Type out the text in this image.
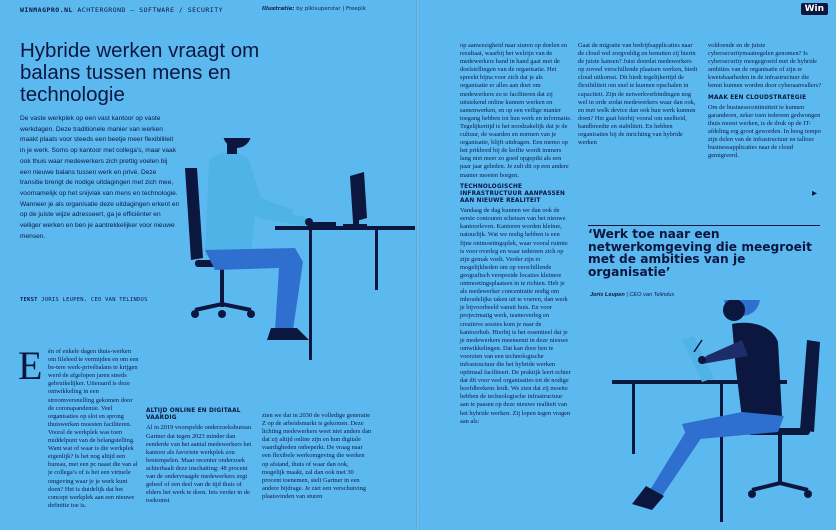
WINMAGPRO.NL ACHTERGROND – SOFTWARE / SECURITY
Hybride werken vraagt om balans tussen mens en technologie
De vaste werkplek op een vast kantoor op vaste werkdagen. Deze traditionele manier van werken maakt plaats voor steeds een beetje meer flexibiliteit in je werk. Soms op kantoor met collega’s, maar vaak ook thuis waar medewerkers zich prettig voelen bij een nieuwe balans tussen werk en privé. Deze transitie brengt de nodige uitdagingen met zich mee, voornamelijk op het snijvlak van mens en technologie. Wanneer je als organisatie deze uitdagingen erkent en op de juiste wijze adresseert, ga je efficiënter en veiliger werken en ben je aantrekkelijker voor nieuwe mensen.
TEKST JORIS LEUPEN, CEO VAN TELINDUS
E én of enkele dagen thuis-werken om fileleed te vermijden en om een be-tere werk-privébalans te krijgen werd de afgelopen jaren steeds gebruikelijker. Uiteraard is deze ontwikkeling in een stroomversnelling gekomen door de coronapandemie. Veel organisaties op slot en sprong thuiswerken moesten faciliteren. Vooral de werkplek was toen middelpunt van de belangstelling. Want wat of waar is die werkplek eigenlijk? Is het nog altijd een bureau, met een pc naast die van al je collega’s of is het een virtuele omgeving waar je je werk kunt doen? Het is duidelijk dat het concept werkplek aan een nieuwe definitie toe is.

ALTIJD ONLINE EN DIGITAAL VAARDIG

Al in 2019 voorspelde onderzoeksbureau Gartner dat tegen 2023 minder dan eenderde van het aantal medewerkers het kantoor als favoriete werkplek zou bestempelen. Maar recenter onderzoek achterhaalt deze inschatting: 48 procent van de ondervraagde medewerkers zegt geheel of een deel van de tijd thuis of elders het werk te doen. Iets verder in de toekomst

zien we dat in 2030 de volledige generatie Z op de arbeidsmarkt is gekomen. Deze lichting medewerkers weet niet anders dan dat zij altijd online zijn en hun digitale vaardigheden onbeperkt. De vraag naar een flexibele werkomgeving die werken op afstand, thuis of waar dan ook, mogelijk maakt, zal dan ook met 30 procent toenemen, stelt Gartner in een andere bijdrage. Je ziet een verschuiving plaatsvinden van sturen

op aanwezigheid naar sturen op doelen en resultaat, waarbij het welzijn van de medewerkers hand in hand gaat met de doelstellingen van de organisatie. Het spreekt bijna voor zich dat je als organisatie er alles aan doet om medewerkers zo te faciliteren dat zij uitstekend online kunnen werken en samenwerken, en op een veilige manier toegang hebben tot hun werk en informatie. Tegelijkertijd is het noodzakelijk dat je de cultuur, de waarden en normen van je organisatie, blijft uitdragen. Een memo op het prikbord bij de koffie wordt immers lang niet meer zo goed opgepikt als een paar jaar geleden. Je zult dit op een andere manier moeten borgen.

TECHNOLOGISCHE INFRASTRUCTUUR AANPASSEN AAN NIEUWE REALITEIT

Vandaag de dag kunnen we dan ook de eerste contouren schetsen van het nieuwe kantoorleven. Kantoren worden kleiner, natuurlijk. Wat we nodig hebben is een fijne ontmoetingsplek, waar vooral ruimte is voor overleg en waar iedereen zich op zijn gemak voelt. Verder zijn er mogelijkheden om op verschillende geografisch verspreide locaties kleinere ontmoetingsplaatsen in te richten. Heb je als medewerker concentratie nodig om inhoudelijke taken uit te voeren, dan werk je bijvoorbeeld vanuit huis. En voor projectmatig werk, teamoverleg en creatieve sessies kom je naar de kantoorhub. Hierbij is het essentieel dat je je medewerkers meeneemt in deze nieuwe ontwikkelingen. Dat kan door hen te voorzien van een technologische infrastructuur die het hybride werken optimaal faciliteert. De praktijk leert echter dat dit voor veel organisaties tot de nodige hoofdbrekens leidt. We zien dat zij moeite hebben de technologische infrastructuur aan te passen op deze nieuwe realiteit van het hybride werken. Zij lopen tegen vragen aan als:

Gaat de migratie van bedrijfsapplicaties naar de cloud wel zorgvuldig en benutten zij hierin de juiste kansen? Juist doordat medewerkers op zoveel verschillende plaatsen werken, biedt cloud uitkomst. Dit biedt tegelijkertijd de flexibiliteit om snel te kunnen opschalen in capaciteit. Zijn de netwerkverbindingen nog wel in orde zodat medewerkers waar dan ook, en met welk device dan ook hun werk kunnen doen? Het gaat hierbij vooral om snelheid, bandbreedte en stabiliteit. En hebben organisaties bij de inrichting van hybride werken

voldoende en de juiste cybersecuritymaatregelen genomen? Is cybersecurity meegegroeid met de hybride ambities van de organisatie of zijn er kwetsbaarheden in de infrastructuur die benut kunnen worden door cyberaanvallers?

MAAK EEN CLOUDSTRATEGIE

Om de businesscontinuïteit te kunnen garanderen, zeker toen iedereen gedwongen thuis moest werken, is de druk op de IT-afdeling erg groot geworden. In hoog tempo zijn delen van de infrastructuur en talloze businessapplicaties naar de cloud gemigreerd.

Illustratie: by pikisuperstar | Freepik	Win
▸
‘Werk toe naar een netwerkomgeving die meegroeit met de ambities van je organisatie’
Joris Leupen | CEO van Telindus
